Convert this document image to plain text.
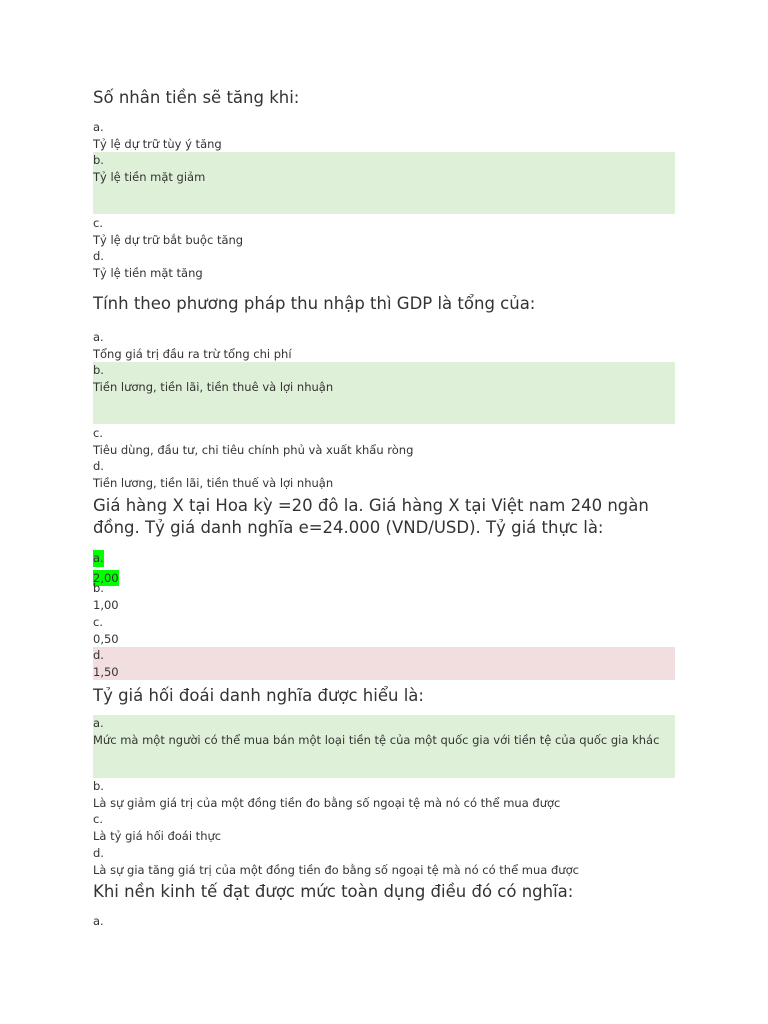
Số nhân tiền sẽ tăng khi:
a.
Tỷ lệ dự trữ tùy ý tăng
b.
Tỷ lệ tiền mặt giảm
c.
Tỷ lệ dự trữ bắt buộc tăng
d.
Tỷ lệ tiền mặt tăng
Tính theo phương pháp thu nhập thì GDP là tổng của:
a.
Tổng giá trị đầu ra trừ tổng chi phí
b.
Tiền lương, tiền lãi, tiền thuê và lợi nhuận
c.
Tiêu dùng, đầu tư, chi tiêu chính phủ và xuất khẩu ròng
d.
Tiền lương, tiền lãi, tiền thuế và lợi nhuận
Giá hàng X tại Hoa kỳ =20 đô la. Giá hàng X tại Việt nam 240 ngàn đồng. Tỷ giá danh nghĩa e=24.000 (VND/USD). Tỷ giá thực là:
a.
2,00
b.
1,00
c.
0,50
d.
1,50
Tỷ giá hối đoái danh nghĩa được hiểu là:
a.
Mức mà một người có thể mua bán một loại tiền tệ của một quốc gia với tiền tệ của quốc gia khác
b.
Là sự giảm giá trị của một đồng tiền đo bằng số ngoại tệ mà nó có thể mua được
c.
Là tỷ giá hối đoái thực
d.
Là sự gia tăng giá trị của một đồng tiền đo bằng số ngoại tệ mà nó có thể mua được
Khi nền kinh tế đạt được mức toàn dụng điều đó có nghĩa:
a.
